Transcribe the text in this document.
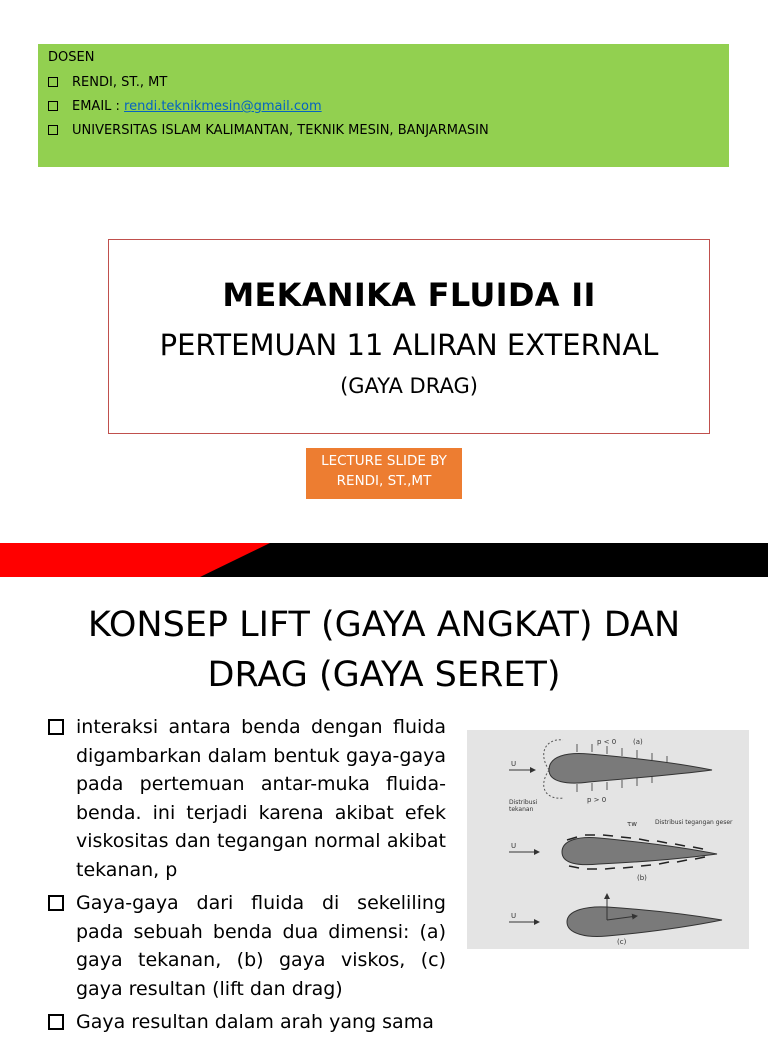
DOSEN
RENDI, ST., MT
EMAIL : rendi.teknikmesin@gmail.com
UNIVERSITAS ISLAM KALIMANTAN, TEKNIK MESIN, BANJARMASIN
MEKANIKA FLUIDA II
PERTEMUAN 11 ALIRAN EXTERNAL
(GAYA DRAG)
LECTURE SLIDE BY
RENDI, ST.,MT
KONSEP LIFT (GAYA ANGKAT) DAN
DRAG (GAYA SERET)
interaksi antara benda dengan fluida digambarkan dalam bentuk gaya-gaya pada pertemuan antar-muka fluida-benda. ini terjadi karena akibat efek viskositas dan tegangan normal akibat tekanan, p
Gaya-gaya dari fluida di sekeliling pada sebuah benda dua dimensi: (a) gaya tekanan, (b) gaya viskos, (c) gaya resultan (lift dan drag)
Gaya resultan dalam arah yang sama
U
p < 0 (a)
p > 0
Distribusi
tekanan
U
τw	Distribusi tegangan geser
(b)
U
(c)
